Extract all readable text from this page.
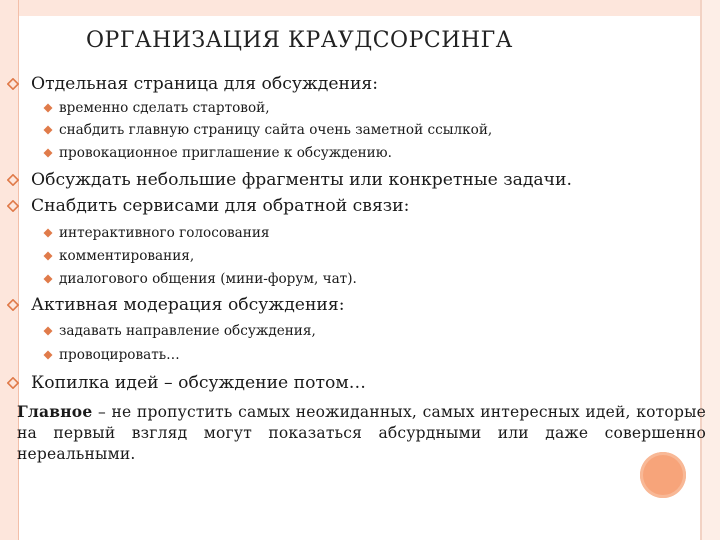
ОРГАНИЗАЦИЯ КРАУДСОРСИНГА
Отдельная страница для обсуждения:
временно сделать стартовой,
снабдить главную страницу сайта очень заметной ссылкой,
провокационное приглашение к обсуждению.
Обсуждать небольшие фрагменты или конкретные задачи.
Снабдить сервисами для обратной связи:
интерактивного голосования
комментирования,
диалогового общения (мини-форум, чат).
Активная модерация обсуждения:
задавать направление обсуждения,
провоцировать…
Копилка идей – обсуждение потом…
Главное – не пропустить самых неожиданных, самых интересных идей, которые на первый взгляд могут показаться абсурдными или даже совершенно нереальными.
